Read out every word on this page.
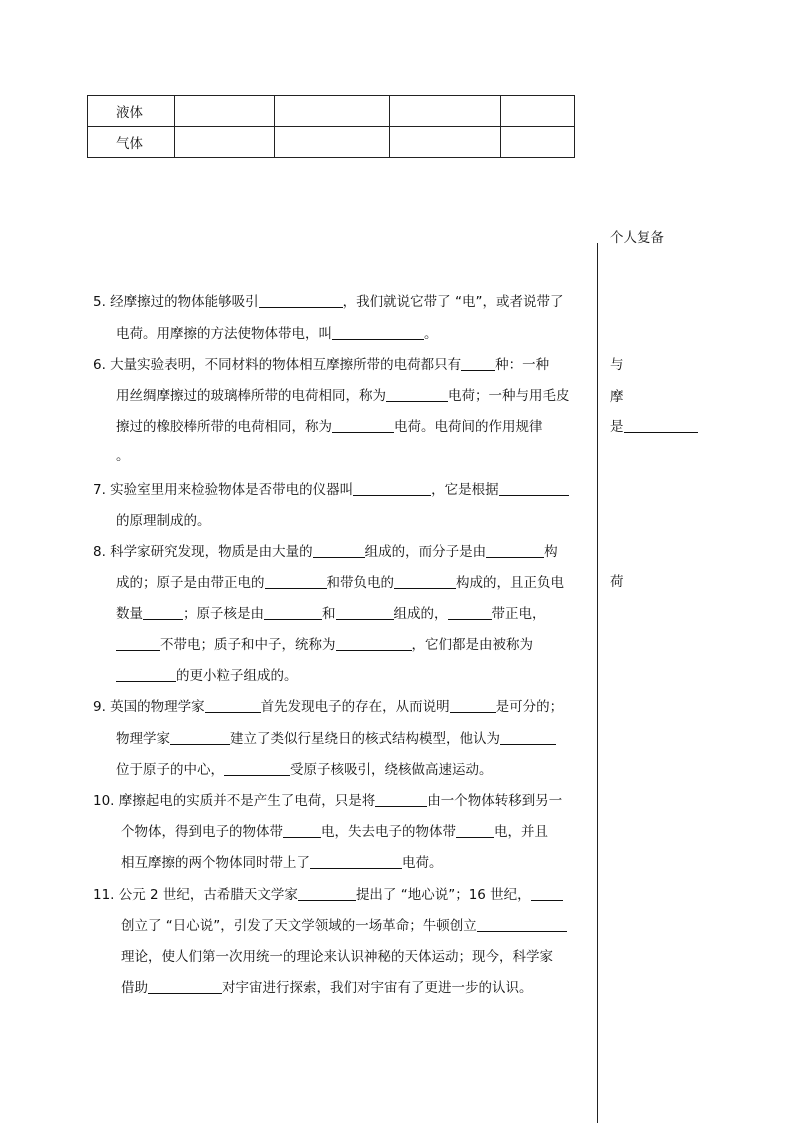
液体				
气体				
个人复备
与
摩
是
荷
5. 经摩擦过的物体能够吸引	，我们就说它带了 “电”，或者说带了
电荷。用摩擦的方法使物体带电，叫	。
6. 大量实验表明，不同材料的物体相互摩擦所带的电荷都只有	种：一种
用丝绸摩擦过的玻璃棒所带的电荷相同，称为	电荷；一种与用毛皮
擦过的橡胶棒所带的电荷相同，称为	电荷。电荷间的作用规律
。
7. 实验室里用来检验物体是否带电的仪器叫	，它是根据
的原理制成的。
8. 科学家研究发现，物质是由大量的	组成的，而分子是由	构
成的；原子是由带正电的	和带负电的	构成的，且正负电
数量	；原子核是由	和	组成的，	带正电，
不带电；质子和中子，统称为	，它们都是由被称为
的更小粒子组成的。
9. 英国的物理学家	首先发现电子的存在，从而说明	是可分的；
物理学家	建立了类似行星绕日的核式结构模型，他认为
位于原子的中心，	受原子核吸引，绕核做高速运动。
10. 摩擦起电的实质并不是产生了电荷，只是将	由一个物体转移到另一
个物体，得到电子的物体带	电，失去电子的物体带	电，并且
相互摩擦的两个物体同时带上了	电荷。
11. 公元 2 世纪，古希腊天文学家	提出了 “地心说”；16 世纪，
创立了 “日心说”，引发了天文学领域的一场革命；牛顿创立
理论，使人们第一次用统一的理论来认识神秘的天体运动；现今，科学家
借助	对宇宙进行探索，我们对宇宙有了更进一步的认识。
